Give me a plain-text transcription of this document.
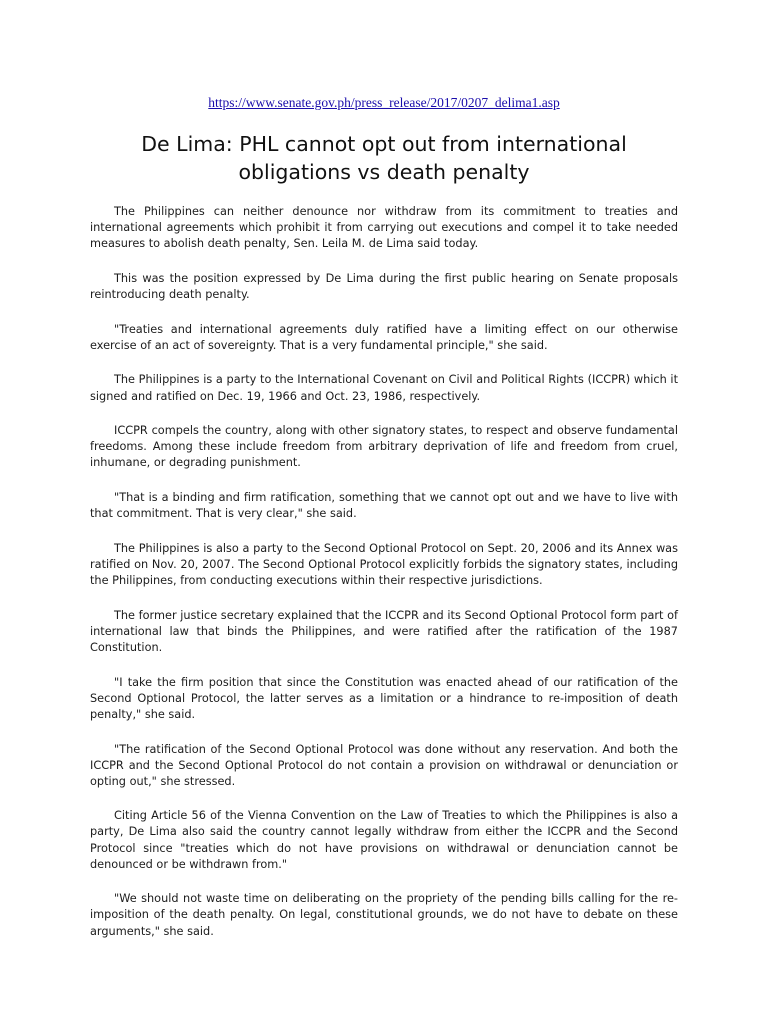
https://www.senate.gov.ph/press_release/2017/0207_delima1.asp
De Lima: PHL cannot opt out from international obligations vs death penalty

The Philippines can neither denounce nor withdraw from its commitment to treaties and international agreements which prohibit it from carrying out executions and compel it to take needed measures to abolish death penalty, Sen. Leila M. de Lima said today.

This was the position expressed by De Lima during the first public hearing on Senate proposals reintroducing death penalty.

"Treaties and international agreements duly ratified have a limiting effect on our otherwise exercise of an act of sovereignty. That is a very fundamental principle," she said.

The Philippines is a party to the International Covenant on Civil and Political Rights (ICCPR) which it signed and ratified on Dec. 19, 1966 and Oct. 23, 1986, respectively.

ICCPR compels the country, along with other signatory states, to respect and observe fundamental freedoms. Among these include freedom from arbitrary deprivation of life and freedom from cruel, inhumane, or degrading punishment.

"That is a binding and firm ratification, something that we cannot opt out and we have to live with that commitment. That is very clear," she said.

The Philippines is also a party to the Second Optional Protocol on Sept. 20, 2006 and its Annex was ratified on Nov. 20, 2007. The Second Optional Protocol explicitly forbids the signatory states, including the Philippines, from conducting executions within their respective jurisdictions.

The former justice secretary explained that the ICCPR and its Second Optional Protocol form part of international law that binds the Philippines, and were ratified after the ratification of the 1987 Constitution.

"I take the firm position that since the Constitution was enacted ahead of our ratification of the Second Optional Protocol, the latter serves as a limitation or a hindrance to re-imposition of death penalty," she said.

"The ratification of the Second Optional Protocol was done without any reservation. And both the ICCPR and the Second Optional Protocol do not contain a provision on withdrawal or denunciation or opting out," she stressed.

Citing Article 56 of the Vienna Convention on the Law of Treaties to which the Philippines is also a party, De Lima also said the country cannot legally withdraw from either the ICCPR and the Second Protocol since "treaties which do not have provisions on withdrawal or denunciation cannot be denounced or be withdrawn from."

"We should not waste time on deliberating on the propriety of the pending bills calling for the re-imposition of the death penalty. On legal, constitutional grounds, we do not have to debate on these arguments," she said.
